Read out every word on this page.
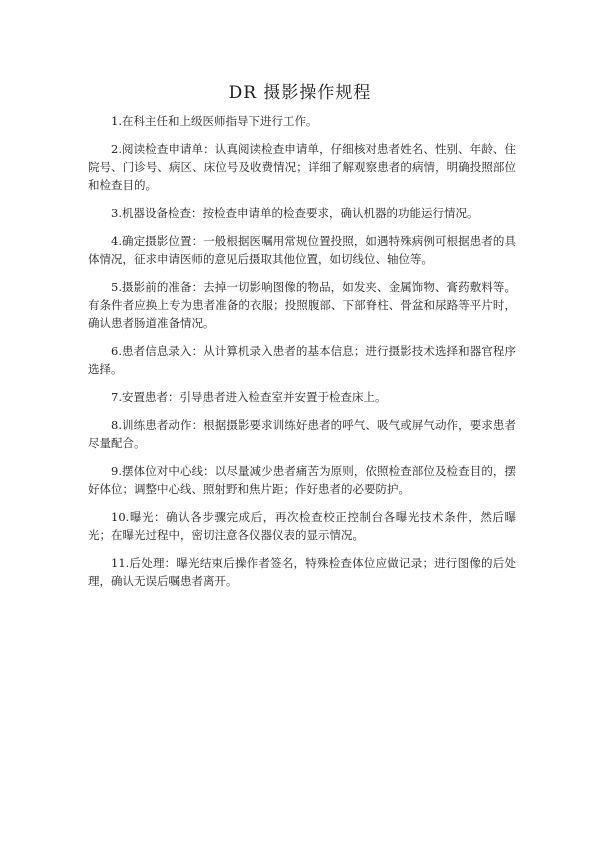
DR 摄影操作规程

1.在科主任和上级医师指导下进行工作。

2.阅读检查申请单：认真阅读检查申请单，仔细核对患者姓名、性别、年龄、住院号、门诊号、病区、床位号及收费情况；详细了解观察患者的病情，明确投照部位和检查目的。

3.机器设备检查：按检查申请单的检查要求，确认机器的功能运行情况。

4.确定摄影位置：一般根据医嘱用常规位置投照，如遇特殊病例可根据患者的具体情况，征求申请医师的意见后摄取其他位置，如切线位、轴位等。

5.摄影前的准备：去掉一切影响图像的物品，如发夹、金属饰物、膏药敷料等。有条件者应换上专为患者准备的衣服；投照腹部、下部脊柱、骨盆和尿路等平片时，确认患者肠道准备情况。

6.患者信息录入：从计算机录入患者的基本信息；进行摄影技术选择和器官程序选择。

7.安置患者：引导患者进入检查室并安置于检查床上。

8.训练患者动作：根据摄影要求训练好患者的呼气、吸气或屏气动作，要求患者尽量配合。

9.摆体位对中心线：以尽量减少患者痛苦为原则，依照检查部位及检查目的，摆好体位；调整中心线、照射野和焦片距；作好患者的必要防护。

10.曝光：确认各步骤完成后，再次检查校正控制台各曝光技术条件，然后曝光；在曝光过程中，密切注意各仪器仪表的显示情况。

11.后处理：曝光结束后操作者签名，特殊检查体位应做记录；进行图像的后处理，确认无误后嘱患者离开。
